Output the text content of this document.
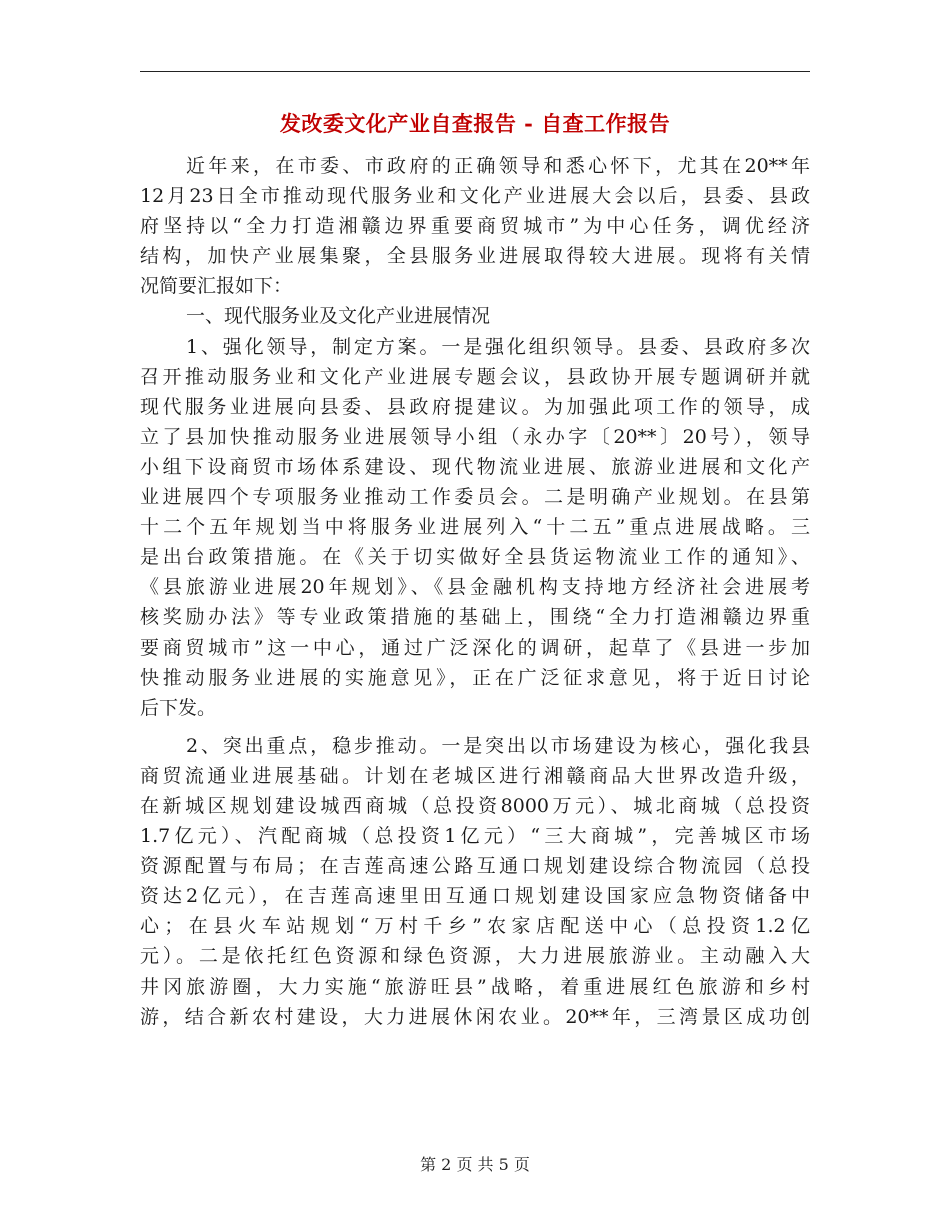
发改委文化产业自查报告 - 自查工作报告
近年来，在市委、市政府的正确领导和悉心怀下，尤其在20**年
12月23日全市推动现代服务业和文化产业进展大会以后，县委、县政
府坚持以“全力打造湘赣边界重要商贸城市”为中心任务，调优经济
结构，加快产业展集聚，全县服务业进展取得较大进展。现将有关情
况简要汇报如下：
一、现代服务业及文化产业进展情况
1、强化领导，制定方案。一是强化组织领导。县委、县政府多次
召开推动服务业和文化产业进展专题会议，县政协开展专题调研并就
现代服务业进展向县委、县政府提建议。为加强此项工作的领导，成
立了县加快推动服务业进展领导小组（永办字〔20**〕20号），领导
小组下设商贸市场体系建设、现代物流业进展、旅游业进展和文化产
业进展四个专项服务业推动工作委员会。二是明确产业规划。在县第
十二个五年规划当中将服务业进展列入“十二五”重点进展战略。三
是出台政策措施。在《关于切实做好全县货运物流业工作的通知》、
《县旅游业进展20年规划》、《县金融机构支持地方经济社会进展考
核奖励办法》等专业政策措施的基础上，围绕“全力打造湘赣边界重
要商贸城市”这一中心，通过广泛深化的调研，起草了《县进一步加
快推动服务业进展的实施意见》，正在广泛征求意见，将于近日讨论
后下发。
2、突出重点，稳步推动。一是突出以市场建设为核心，强化我县
商贸流通业进展基础。计划在老城区进行湘赣商品大世界改造升级，
在新城区规划建设城西商城（总投资8000万元）、城北商城（总投资
1.7亿元）、汽配商城（总投资1亿元）“三大商城”，完善城区市场
资源配置与布局；在吉莲高速公路互通口规划建设综合物流园（总投
资达2亿元），在吉莲高速里田互通口规划建设国家应急物资储备中
心；在县火车站规划“万村千乡”农家店配送中心（总投资1.2亿
元）。二是依托红色资源和绿色资源，大力进展旅游业。主动融入大
井冈旅游圈，大力实施“旅游旺县”战略，着重进展红色旅游和乡村
游，结合新农村建设，大力进展休闲农业。20**年，三湾景区成功创
第 2 页 共 5 页
